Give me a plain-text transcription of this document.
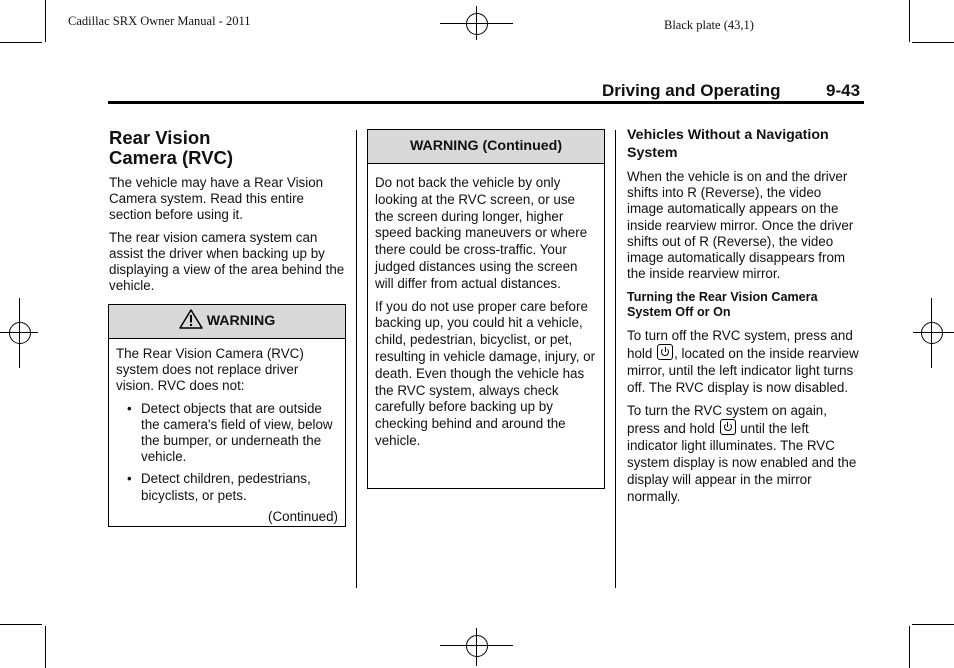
Cadillac SRX Owner Manual - 2011	Black plate (43,1)
Driving and Operating	9-43
Rear Vision
Camera (RVC)

The vehicle may have a Rear Vision Camera system. Read this entire section before using it.

The rear vision camera system can assist the driver when backing up by displaying a view of the area behind the vehicle.

WARNING

The Rear Vision Camera (RVC) system does not replace driver vision. RVC does not:

• Detect objects that are outside the camera's field of view, below the bumper, or underneath the vehicle.
• Detect children, pedestrians, bicyclists, or pets.
(Continued)
WARNING (Continued)

Do not back the vehicle by only looking at the RVC screen, or use the screen during longer, higher speed backing maneuvers or where there could be cross-traffic. Your judged distances using the screen will differ from actual distances.

If you do not use proper care before backing up, you could hit a vehicle, child, pedestrian, bicyclist, or pet, resulting in vehicle damage, injury, or death. Even though the vehicle has the RVC system, always check carefully before backing up by checking behind and around the vehicle.

Vehicles Without a Navigation System

When the vehicle is on and the driver shifts into R (Reverse), the video image automatically appears on the inside rearview mirror. Once the driver shifts out of R (Reverse), the video image automatically disappears from the inside rearview mirror.

Turning the Rear Vision Camera System Off or On

To turn off the RVC system, press and hold , located on the inside rearview mirror, until the left indicator light turns off. The RVC display is now disabled.

To turn the RVC system on again, press and hold  until the left indicator light illuminates. The RVC system display is now enabled and the display will appear in the mirror normally.
